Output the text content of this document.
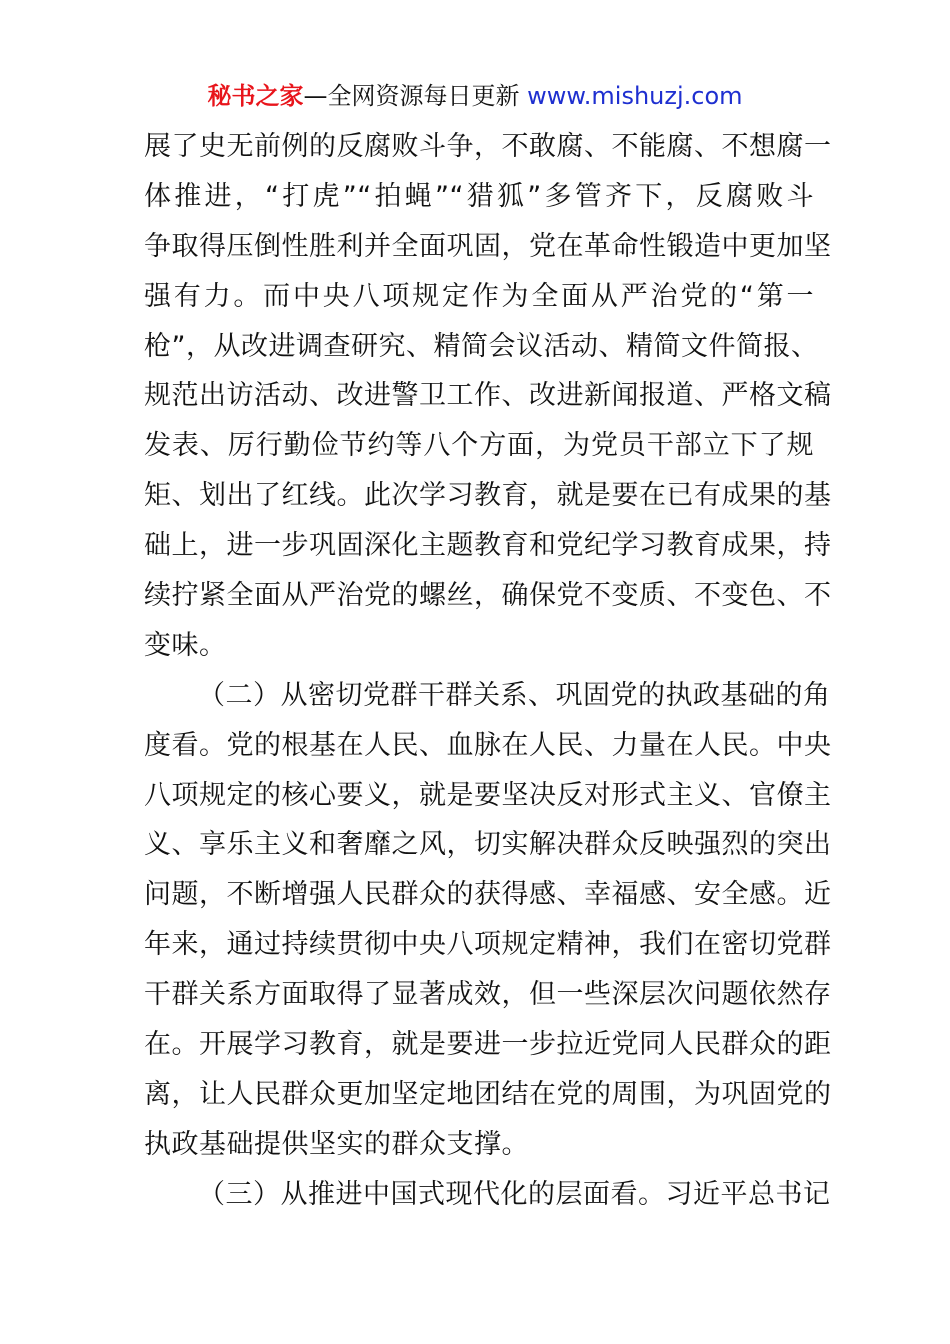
秘书之家—全网资源每日更新 www.mishuzj.com
展了史无前例的反腐败斗争，不敢腐、不能腐、不想腐一
体推进，“打虎”“拍蝇”“猎狐”多管齐下，反腐败斗
争取得压倒性胜利并全面巩固，党在革命性锻造中更加坚
强有力。而中央八项规定作为全面从严治党的“第一
枪”，从改进调查研究、精简会议活动、精简文件简报、
规范出访活动、改进警卫工作、改进新闻报道、严格文稿
发表、厉行勤俭节约等八个方面，为党员干部立下了规
矩、划出了红线。此次学习教育，就是要在已有成果的基
础上，进一步巩固深化主题教育和党纪学习教育成果，持
续拧紧全面从严治党的螺丝，确保党不变质、不变色、不
变味。
（二）从密切党群干群关系、巩固党的执政基础的角
度看。党的根基在人民、血脉在人民、力量在人民。中央
八项规定的核心要义，就是要坚决反对形式主义、官僚主
义、享乐主义和奢靡之风，切实解决群众反映强烈的突出
问题，不断增强人民群众的获得感、幸福感、安全感。近
年来，通过持续贯彻中央八项规定精神，我们在密切党群
干群关系方面取得了显著成效，但一些深层次问题依然存
在。开展学习教育，就是要进一步拉近党同人民群众的距
离，让人民群众更加坚定地团结在党的周围，为巩固党的
执政基础提供坚实的群众支撑。
（三）从推进中国式现代化的层面看。习近平总书记
